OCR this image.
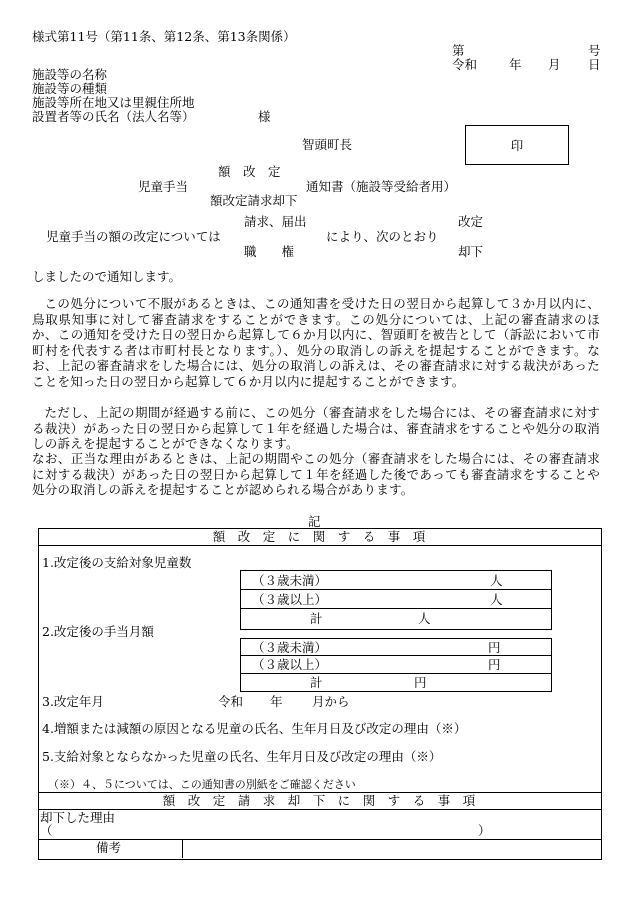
様式第11号（第11条、第12条、第13条関係）
第	号
令和	年 月 日
施設等の名称
施設等の種類
施設等所在地又は里親住所地
設置者等の氏名（法人名等）	様
智頭町長	印
額　改　定
児童手当	通知書（施設等受給者用）
額改定請求却下
請求、届出	改定
児童手当の額の改定については	により、次のとおり
職　　権	却下
しましたので通知します。
この処分について不服があるときは、この通知書を受けた日の翌日から起算して３か月以内に、鳥取県知事に対して審査請求をすることができます。この処分については、上記の審査請求のほか、この通知を受けた日の翌日から起算して６か月以内に、智頭町を被告として（訴訟において市町村を代表する者は市町村長となります。）、処分の取消しの訴えを提起することができます。なお、上記の審査請求をした場合には、処分の取消しの訴えは、その審査請求に対する裁決があったことを知った日の翌日から起算して６か月以内に提起することができます。
ただし、上記の期間が経過する前に、この処分（審査請求をした場合には、その審査請求に対する裁決）があった日の翌日から起算して１年を経過した場合は、審査請求をすることや処分の取消しの訴えを提起することができなくなります。
なお、正当な理由があるときは、上記の期間やこの処分（審査請求をした場合には、その審査請求に対する裁決）があった日の翌日から起算して１年を経過した後であっても審査請求をすることや処分の取消しの訴えを提起することが認められる場合があります。
記
額　改　定　に　関　す　る　事　項
1.改定後の支給対象児童数
（３歳未満）	人
（３歳以上）	人
計	人
2.改定後の手当月額
（３歳未満）	円
（３歳以上）	円
計	円
3.改定年月	令和 年 月から
4.増額または減額の原因となる児童の氏名、生年月日及び改定の理由（※）
5.支給対象とならなかった児童の氏名、生年月日及び改定の理由（※）
（※）４、５については、この通知書の別紙をご確認ください
額　改　定　請　求　却　下　に　関　す　る　事　項
却下した理由
（	）
備考
